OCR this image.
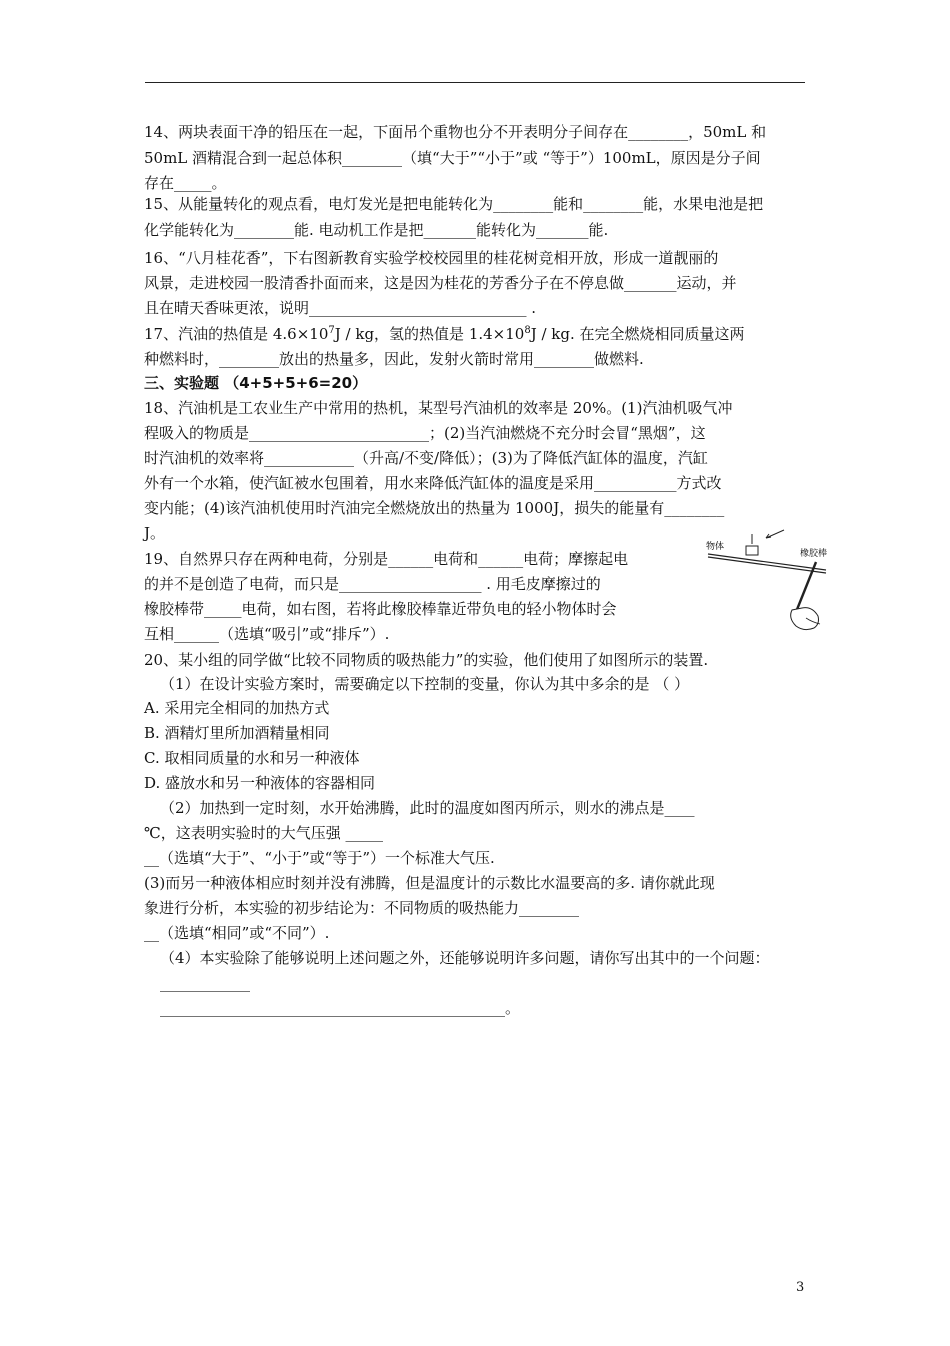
14、两块表面干净的铅压在一起，下面吊个重物也分不开表明分子间存在________，50mL 和
50mL 酒精混合到一起总体积________（填“大于”“小于”或 “等于”）100mL，原因是分子间
存在_____。
15、从能量转化的观点看，电灯发光是把电能转化为________能和________能，水果电池是把
化学能转化为________能. 电动机工作是把_______能转化为_______能.
16、“八月桂花香”，下右图新教育实验学校校园里的桂花树竞相开放，形成一道靓丽的
风景，走进校园一股清香扑面而来，这是因为桂花的芳香分子在不停息做_______运动，并
且在晴天香味更浓，说明_____________________________ .
17、汽油的热值是 $4.6\times 10^7J$ / kg，氢的热值是 $1.4\times 10^8J$ / kg. 在完全燃烧相同质量这两
种燃料时，________放出的热量多，因此，发射火箭时常用________做燃料.
三、实验题 （4+5+5+6=20）
18、汽油机是工农业生产中常用的热机，某型号汽油机的效率是 20%。(1)汽油机吸气冲
程吸入的物质是________________________；(2)当汽油燃烧不充分时会冒“黑烟”，这
时汽油机的效率将____________（升高/不变/降低）；(3)为了降低汽缸体的温度，汽缸
外有一个水箱，使汽缸被水包围着，用水来降低汽缸体的温度是采用___________方式改
变内能；(4)该汽油机使用时汽油完全燃烧放出的热量为 1000J，损失的能量有________
J。
19、自然界只存在两种电荷，分别是______电荷和______电荷；摩擦起电
的并不是创造了电荷，而只是___________________ . 用毛皮摩擦过的
橡胶棒带_____电荷，如右图，若将此橡胶棒靠近带负电的轻小物体时会
互相______（选填“吸引”或“排斥”）.
物体
橡胶棒
20、某小组的同学做“比较不同物质的吸热能力”的实验，他们使用了如图所示的装置.
（1）在设计实验方案时，需要确定以下控制的变量，你认为其中多余的是 （ ）
A. 采用完全相同的加热方式
B. 酒精灯里所加酒精量相同
C. 取相同质量的水和另一种液体
D. 盛放水和另一种液体的容器相同
（2）加热到一定时刻，水开始沸腾，此时的温度如图丙所示，则水的沸点是____
℃，这表明实验时的大气压强 _____
__（选填“大于”、“小于”或“等于”）一个标准大气压.
(3)而另一种液体相应时刻并没有沸腾，但是温度计的示数比水温要高的多. 请你就此现
象进行分析，本实验的初步结论为：不同物质的吸热能力________
__（选填“相同”或“不同”）.
（4）本实验除了能够说明上述问题之外，还能够说明许多问题，请你写出其中的一个问题：
____________
______________________________________________。
3
